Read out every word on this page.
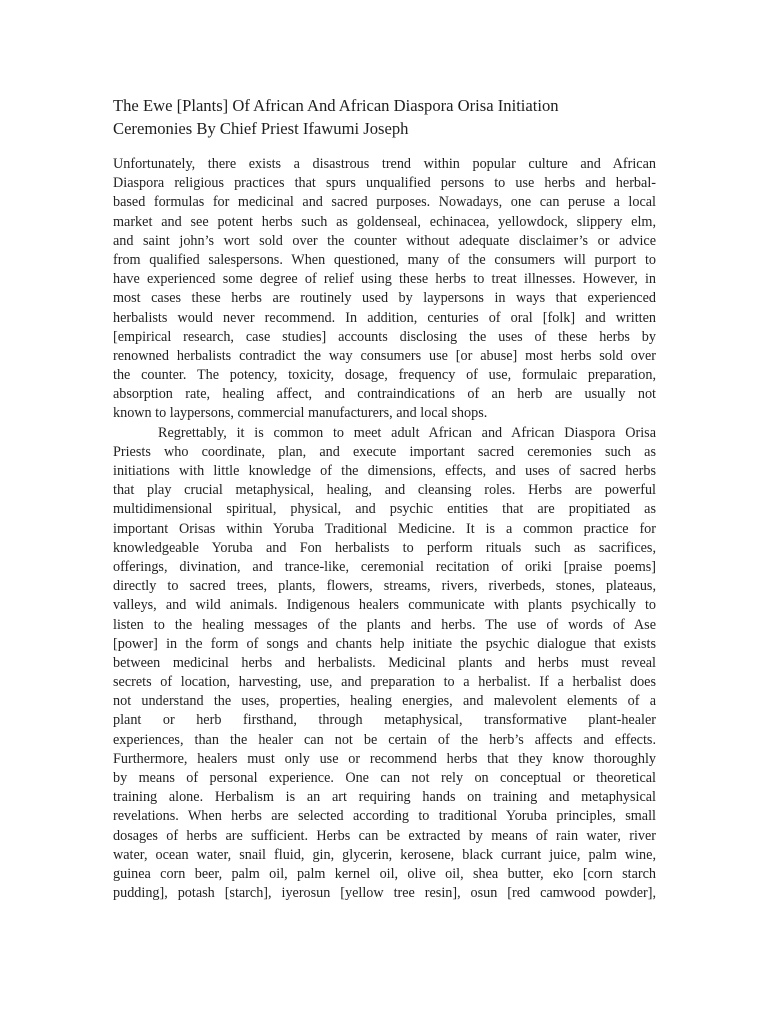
The Ewe [Plants] Of African And African Diaspora Orisa Initiation
Ceremonies By Chief Priest Ifawumi Joseph
Unfortunately, there exists a disastrous trend within popular culture and African
Diaspora religious practices that spurs unqualified persons to use herbs and herbal-
based formulas for medicinal and sacred purposes. Nowadays, one can peruse a local
market and see potent herbs such as goldenseal, echinacea, yellowdock, slippery elm,
and saint john’s wort sold over the counter without adequate disclaimer’s or advice
from qualified salespersons. When questioned, many of the consumers will purport to
have experienced some degree of relief using these herbs to treat illnesses. However, in
most cases these herbs are routinely used by laypersons in ways that experienced
herbalists would never recommend. In addition, centuries of oral [folk] and written
[empirical research, case studies] accounts disclosing the uses of these herbs by
renowned herbalists contradict the way consumers use [or abuse] most herbs sold over
the counter. The potency, toxicity, dosage, frequency of use, formulaic preparation,
absorption rate, healing affect, and contraindications of an herb are usually not
known to laypersons, commercial manufacturers, and local shops.
Regrettably, it is common to meet adult African and African Diaspora Orisa
Priests who coordinate, plan, and execute important sacred ceremonies such as
initiations with little knowledge of the dimensions, effects, and uses of sacred herbs
that play crucial metaphysical, healing, and cleansing roles. Herbs are powerful
multidimensional spiritual, physical, and psychic entities that are propitiated as
important Orisas within Yoruba Traditional Medicine. It is a common practice for
knowledgeable Yoruba and Fon herbalists to perform rituals such as sacrifices,
offerings, divination, and trance-like, ceremonial recitation of oriki [praise poems]
directly to sacred trees, plants, flowers, streams, rivers, riverbeds, stones, plateaus,
valleys, and wild animals. Indigenous healers communicate with plants psychically to
listen to the healing messages of the plants and herbs. The use of words of Ase
[power] in the form of songs and chants help initiate the psychic dialogue that exists
between medicinal herbs and herbalists. Medicinal plants and herbs must reveal
secrets of location, harvesting, use, and preparation to a herbalist. If a herbalist does
not understand the uses, properties, healing energies, and malevolent elements of a
plant or herb firsthand, through metaphysical, transformative plant-healer
experiences, than the healer can not be certain of the herb’s affects and effects.
Furthermore, healers must only use or recommend herbs that they know thoroughly
by means of personal experience. One can not rely on conceptual or theoretical
training alone. Herbalism is an art requiring hands on training and metaphysical
revelations. When herbs are selected according to traditional Yoruba principles, small
dosages of herbs are sufficient. Herbs can be extracted by means of rain water, river
water, ocean water, snail fluid, gin, glycerin, kerosene, black currant juice, palm wine,
guinea corn beer, palm oil, palm kernel oil, olive oil, shea butter, eko [corn starch
pudding], potash [starch], iyerosun [yellow tree resin], osun [red camwood powder],
